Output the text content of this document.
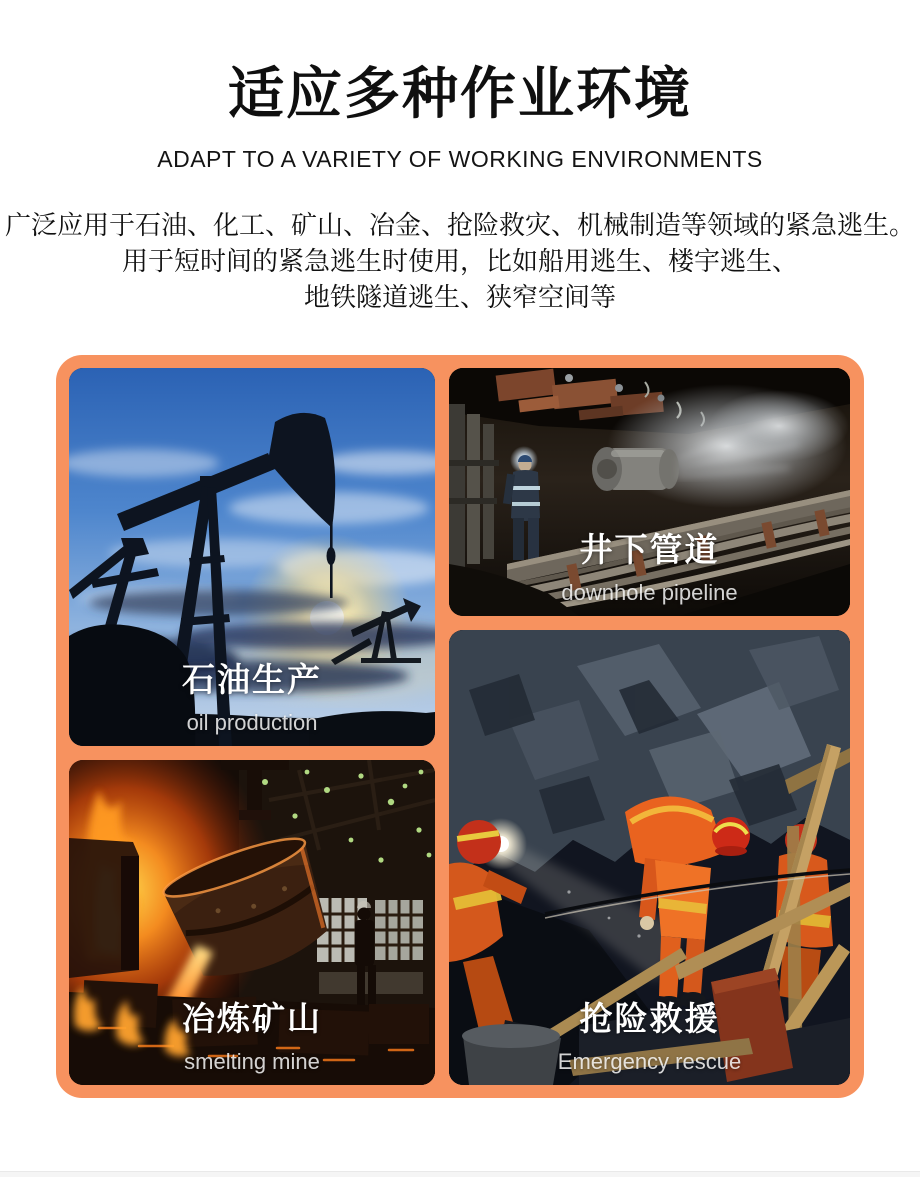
适应多种作业环境
ADAPT TO A VARIETY OF WORKING ENVIRONMENTS
广泛应用于石油、化工、矿山、冶金、抢险救灾、机械制造等领域的紧急逃生。
用于短时间的紧急逃生时使用，比如船用逃生、楼宇逃生、
地铁隧道逃生、狭窄空间等
石油生产
oil production
冶炼矿山
smelting mine
井下管道
downhole pipeline
抢险救援
Emergency rescue
